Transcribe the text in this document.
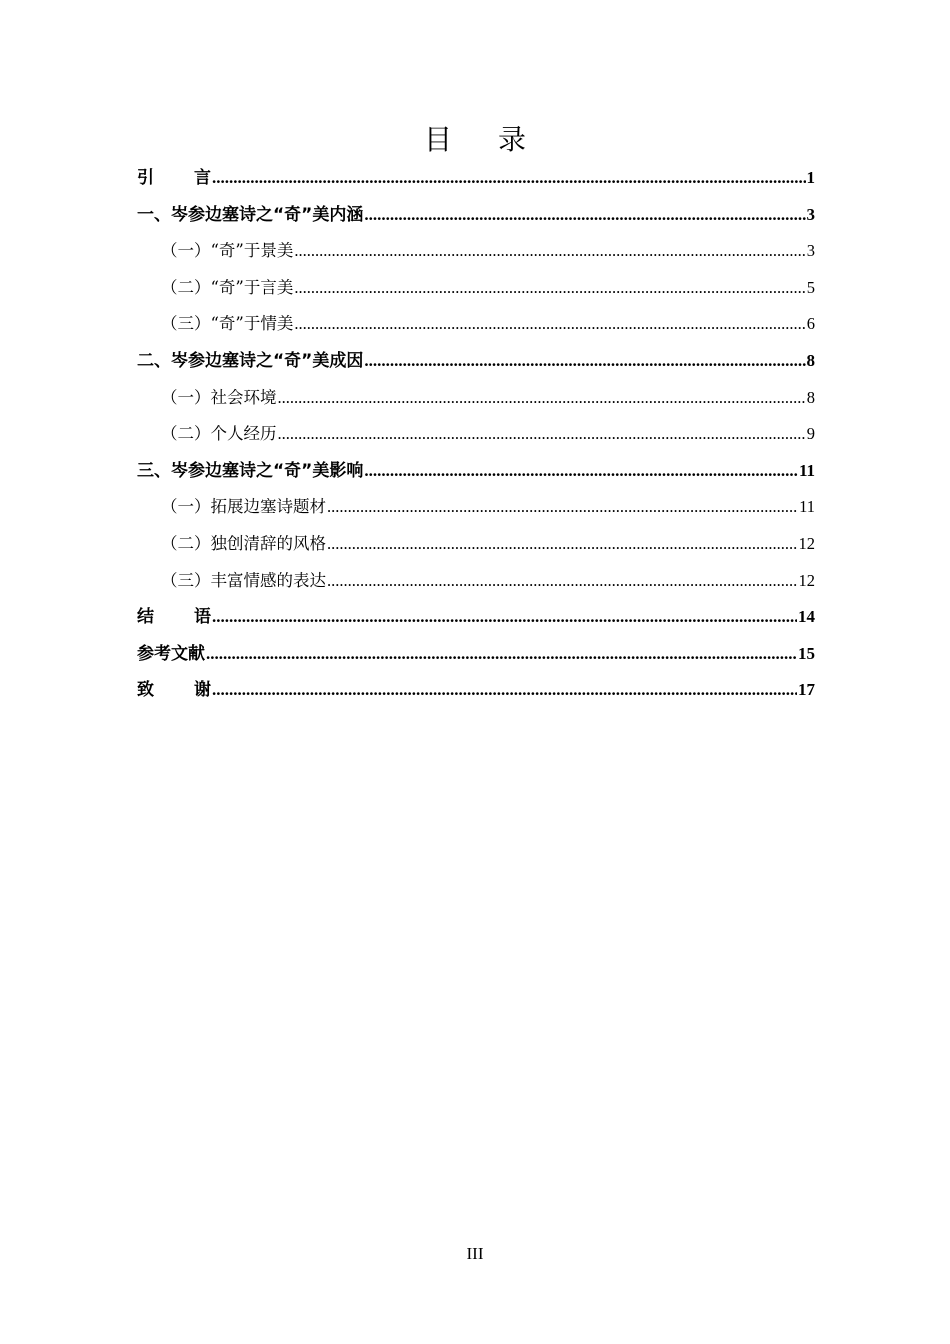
目录
引言 .....	1
一、岑参边塞诗之“奇”美内涵 .....	3
（一）“奇”于景美 .....	3
（二）“奇”于言美 .....	5
（三）“奇”于情美 .....	6
二、岑参边塞诗之“奇”美成因 .....	8
（一）社会环境 .....	8
（二）个人经历 .....	9
三、岑参边塞诗之“奇”美影响 .....	11
（一）拓展边塞诗题材 .....	11
（二）独创清辞的风格 .....	12
（三）丰富情感的表达 .....	12
结语 .....	14
参考文献 .....	15
致谢 .....	17
III
